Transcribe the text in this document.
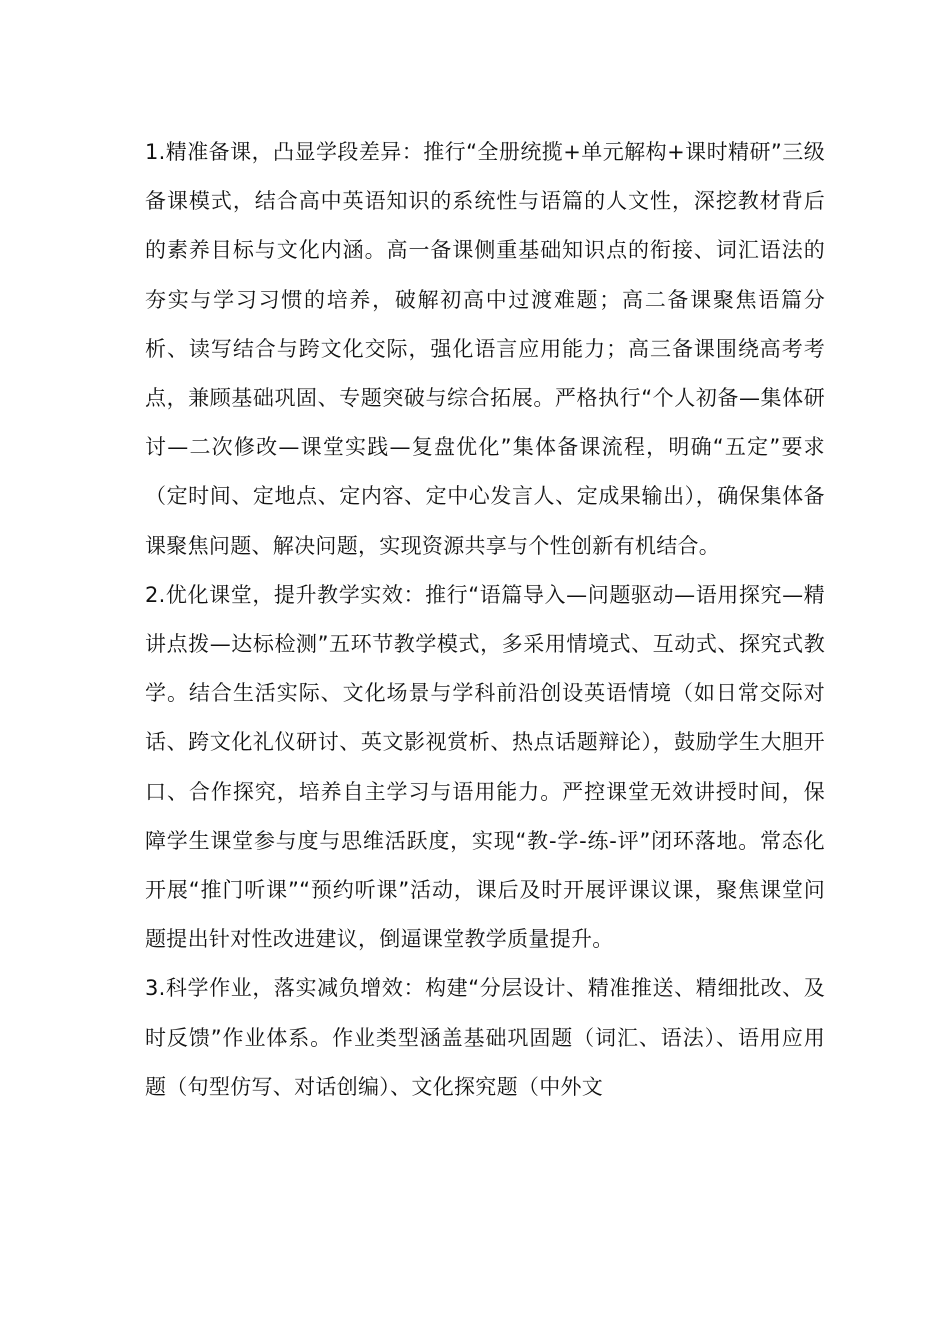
1.精准备课，凸显学段差异：推行“全册统揽+单元解构+课时精研”三级备课模式，结合高中英语知识的系统性与语篇的人文性，深挖教材背后的素养目标与文化内涵。高一备课侧重基础知识点的衔接、词汇语法的夯实与学习习惯的培养，破解初高中过渡难题；高二备课聚焦语篇分析、读写结合与跨文化交际，强化语言应用能力；高三备课围绕高考考点，兼顾基础巩固、专题突破与综合拓展。严格执行“个人初备—集体研讨—二次修改—课堂实践—复盘优化”集体备课流程，明确“五定”要求（定时间、定地点、定内容、定中心发言人、定成果输出），确保集体备课聚焦问题、解决问题，实现资源共享与个性创新有机结合。

2.优化课堂，提升教学实效：推行“语篇导入—问题驱动—语用探究—精讲点拨—达标检测”五环节教学模式，多采用情境式、互动式、探究式教学。结合生活实际、文化场景与学科前沿创设英语情境（如日常交际对话、跨文化礼仪研讨、英文影视赏析、热点话题辩论），鼓励学生大胆开口、合作探究，培养自主学习与语用能力。严控课堂无效讲授时间，保障学生课堂参与度与思维活跃度，实现“教-学-练-评”闭环落地。常态化开展“推门听课”“预约听课”活动，课后及时开展评课议课，聚焦课堂问题提出针对性改进建议，倒逼课堂教学质量提升。

3.科学作业，落实减负增效：构建“分层设计、精准推送、精细批改、及时反馈”作业体系。作业类型涵盖基础巩固题（词汇、语法）、语用应用题（句型仿写、对话创编）、文化探究题（中外文
